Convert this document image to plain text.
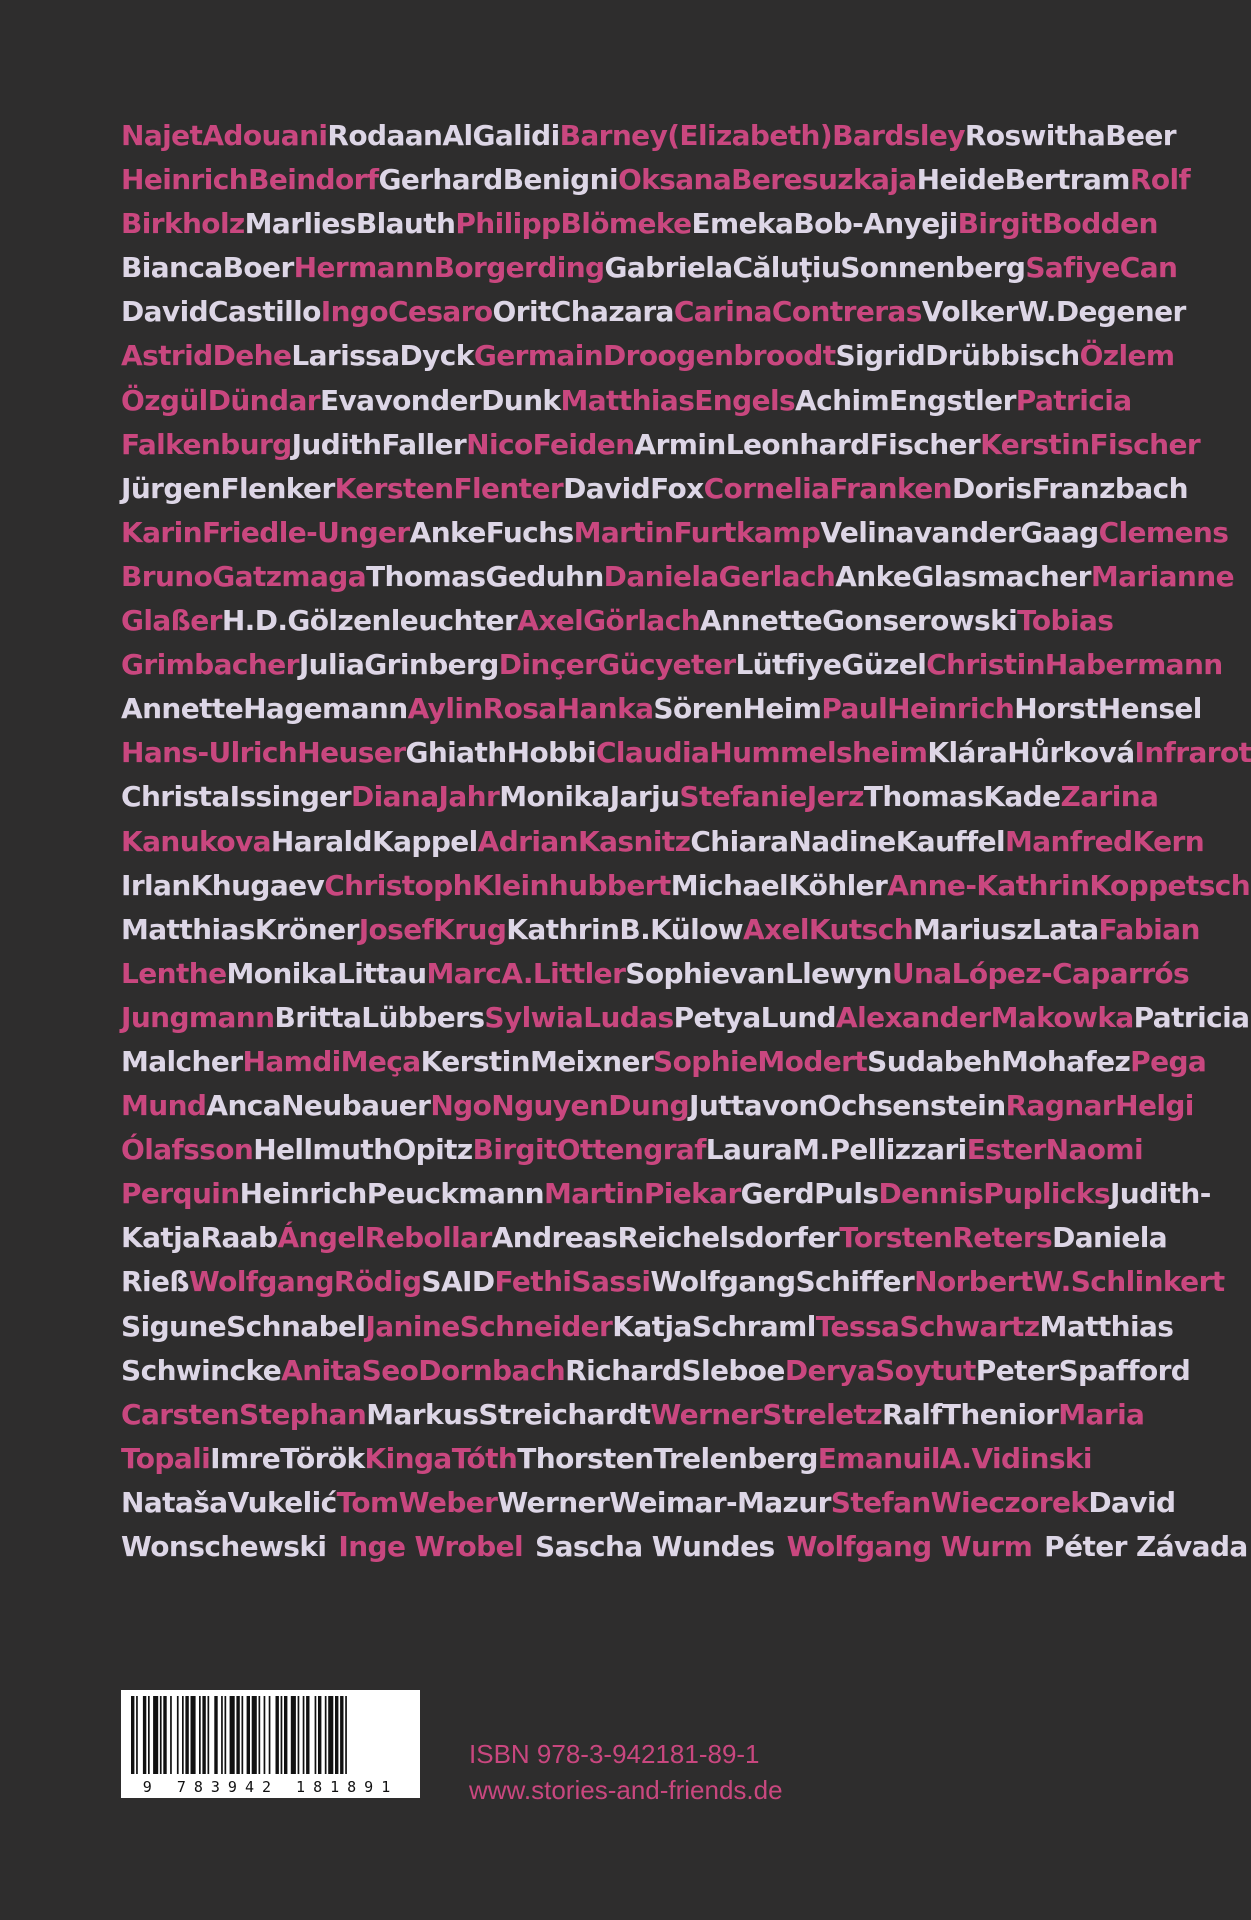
Najet Adouani Rodaan Al Galidi Barney (Elizabeth) Bardsley Roswitha Beer
Heinrich Beindorf Gerhard Benigni Oksana Beresuzkaja Heide Bertram Rolf
Birkholz Marlies Blauth Philipp Blömeke Emeka Bob-Anyeji Birgit Bodden
Bianca Boer Hermann Borgerding Gabriela Căluţiu Sonnenberg Safiye Can
David Castillo Ingo Cesaro Orit Chazara Carina Contreras Volker W. Degener
Astrid Dehe Larissa Dyck Germain Droogenbroodt Sigrid Drübbisch Özlem
Özgül Dündar Eva von der Dunk Matthias Engels Achim Engstler Patricia
Falkenburg Judith Faller Nico Feiden Armin Leonhard Fischer Kerstin Fischer
Jürgen Flenker Kersten Flenter David Fox Cornelia Franken Doris Franzbach
Karin Friedle-Unger Anke Fuchs Martin Furtkamp Velina van der Gaag Clemens
Bruno Gatzmaga Thomas Geduhn Daniela Gerlach Anke Glasmacher Marianne
Glaßer H. D. Gölzenleuchter Axel Görlach Annette Gonserowski Tobias
Grimbacher Julia Grinberg Dinçer Gücyeter Lütfiye Güzel Christin Habermann
Annette Hagemann Aylin Rosa Hanka Sören Heim Paul Heinrich Horst Hensel
Hans-Ulrich Heuser Ghiath Hobbi Claudia Hummelsheim Klára Hůrková Infrarot
Christa Issinger Diana Jahr Monika Jarju Stefanie Jerz Thomas Kade Zarina
Kanukova Harald Kappel Adrian Kasnitz Chiara Nadine Kauffel Manfred Kern
Irlan Khugaev Christoph Kleinhubbert Michael Köhler Anne-Kathrin Koppetsch
Matthias Kröner Josef Krug Kathrin B. Külow Axel Kutsch Mariusz Lata Fabian
Lenthe Monika Littau Marc A. Littler Sophie van Llewyn Una López-Caparrós
Jungmann Britta Lübbers Sylwia Ludas Petya Lund Alexander Makowka Patricia
Malcher Hamdi Meça Kerstin Meixner Sophie Modert Sudabeh Mohafez Pega
Mund Anca Neubauer Ngo Nguyen Dung Jutta von Ochsenstein Ragnar Helgi
Ólafsson Hellmuth Opitz Birgit Ottengraf Laura M. Pellizzari Ester Naomi
Perquin Heinrich Peuckmann Martin Piekar Gerd Puls Dennis Puplicks Judith-
Katja Raab Ángel Rebollar Andreas Reichelsdorfer Torsten Reters Daniela
Rieß Wolfgang Rödig SAID Fethi Sassi Wolfgang Schiffer Norbert W. Schlinkert
Sigune Schnabel Janine Schneider Katja Schraml Tessa Schwartz Matthias
Schwincke Anita Seo Dornbach Richard Sleboe Derya Soytut Peter Spafford
Carsten Stephan Markus Streichardt Werner Streletz Ralf Thenior Maria
Topali Imre Török Kinga Tóth Thorsten Trelenberg Emanuil A. Vidinski
Nataša Vukelić Tom Weber Werner Weimar-Mazur Stefan Wieczorek David
Wonschewski Inge Wrobel Sascha Wundes Wolfgang Wurm Péter Závada
9 783942 181891
ISBN 978-3-942181-89-1
www.stories-and-friends.de
